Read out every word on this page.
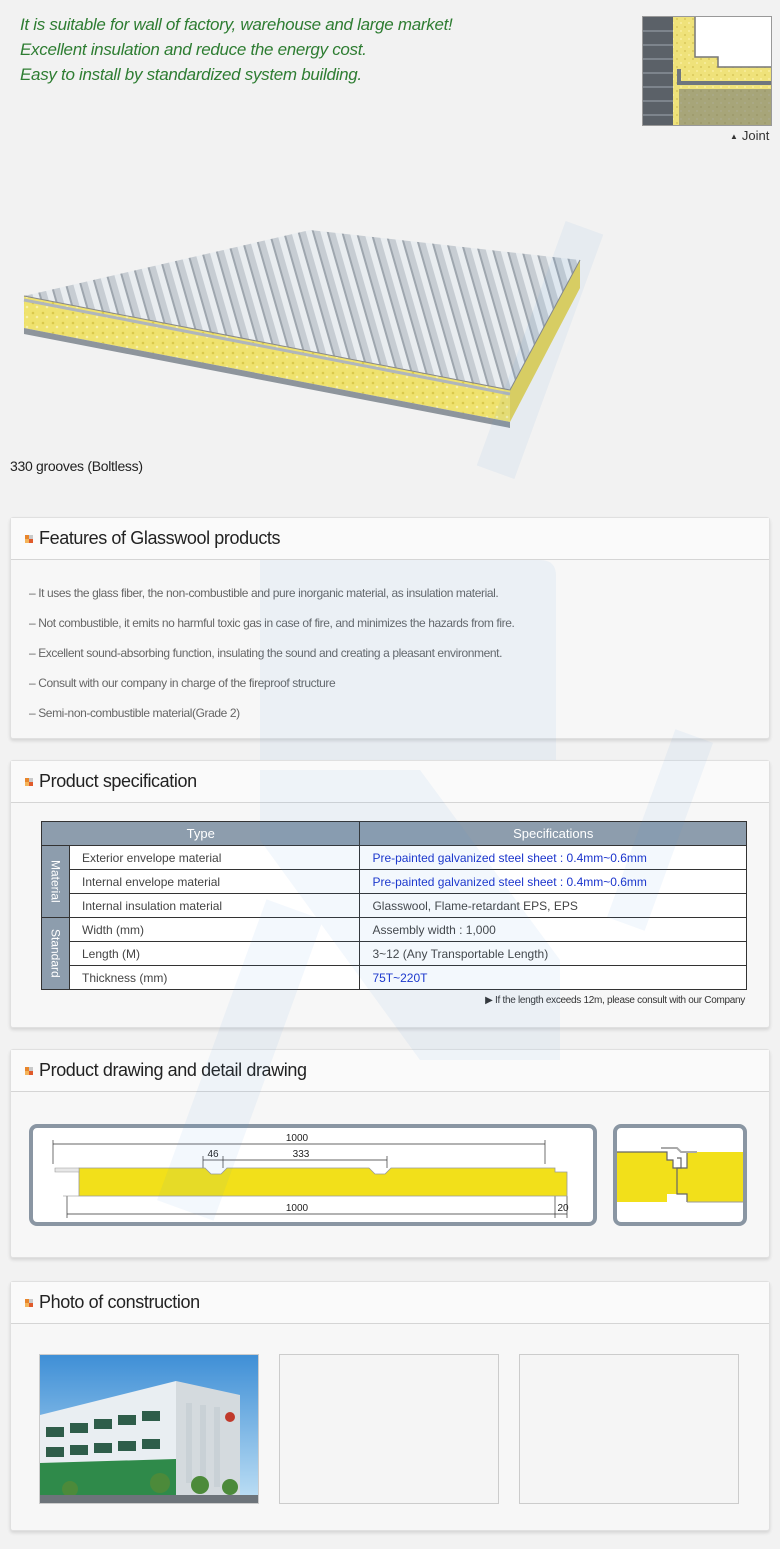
It is suitable for wall of factory, warehouse and large market!

Excellent insulation and reduce the energy cost.

Easy to install by standardized system building.

▲ Joint
330 grooves (Boltless)
Features of Glasswool products
– It uses the glass fiber, the non-combustible and pure inorganic material, as insulation material.
– Not combustible, it emits no harmful toxic gas in case of fire, and minimizes the hazards from fire.
– Excellent sound-absorbing function, insulating the sound and creating a pleasant environment.
– Consult with our company in charge of the fireproof structure
– Semi-non-combustible material(Grade 2)
Product specification
Type		Specifications
Material	Exterior envelope material	Pre-painted galvanized steel sheet : 0.4mm~0.6mm
	Internal envelope material	Pre-painted galvanized steel sheet : 0.4mm~0.6mm
	Internal insulation material	Glasswool, Flame-retardant EPS, EPS
Standard	Width (mm)	Assembly width : 1,000
	Length (M)	3~12 (Any Transportable Length)
	Thickness (mm)	75T~220T
▶ If the length exceeds 12m, please consult with our Company
Product drawing and detail drawing
1000
46	333
1000	20
Photo of construction
